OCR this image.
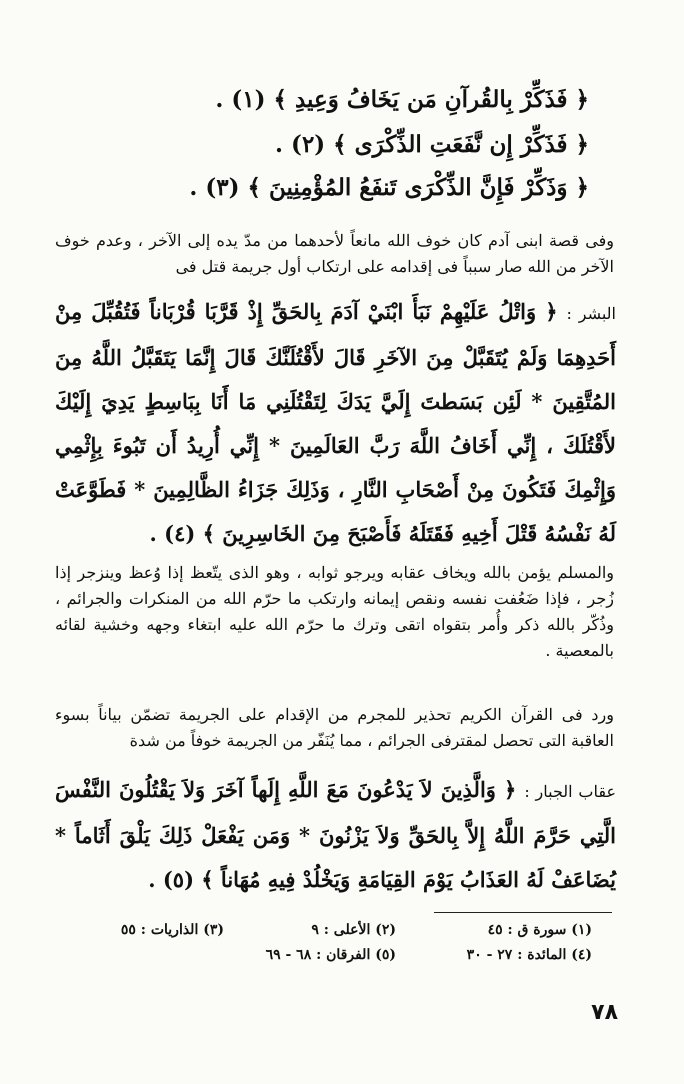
﴿ فَذَكِّرْ بِالقُرآنِ مَن يَخَافُ وَعِيدِ ﴾ (١) .
﴿ فَذَكِّرْ إِن نَّفَعَتِ الذِّكْرَى ﴾ (٢) .
﴿ وَذَكِّرْ فَإِنَّ الذِّكْرَى تَنفَعُ المُؤْمِنِينَ ﴾ (٣) .
وفى قصة ابنى آدم كان خوف الله مانعاً لأحدهما من مدّ يده إلى الآخر ، وعدم خوف الآخر من الله صار سبباً فى إقدامه على ارتكاب أول جريمة قتل فى
البشر : ﴿ وَاتْلُ عَلَيْهِمْ نَبَأَ ابْنَيْ آدَمَ بِالحَقِّ إِذْ قَرَّبَا قُرْبَاناً فَتُقُبِّلَ مِنْ أَحَدِهِمَا وَلَمْ يُتَقَبَّلْ مِنَ الآخَرِ قَالَ لأَقْتُلَنَّكَ قَالَ إِنَّمَا يَتَقَبَّلُ اللَّهُ مِنَ المُتَّقِينَ * لَئِن بَسَطتَ إِلَيَّ يَدَكَ لِتَقْتُلَنِي مَا أَنَا بِبَاسِطٍ يَدِيَ إِلَيْكَ لأَقْتُلَكَ ، إِنِّي أَخَافُ اللَّهَ رَبَّ العَالَمِينَ * إِنِّي أُرِيدُ أَن تَبُوءَ بِإِثْمِي وَإِثْمِكَ فَتَكُونَ مِنْ أَصْحَابِ النَّارِ ، وَذَلِكَ جَزَاءُ الظَّالِمِينَ * فَطَوَّعَتْ لَهُ نَفْسُهُ قَتْلَ أَخِيهِ فَقَتَلَهُ فَأَصْبَحَ مِنَ الخَاسِرِينَ ﴾ (٤) .
والمسلم يؤمن بالله ويخاف عقابه ويرجو ثوابه ، وهو الذى يتّعظ إذا وُعظ وينزجر إذا زُجر ، فإذا ضَعُفت نفسه ونقص إيمانه وارتكب ما حرّم الله من المنكرات والجرائم ، وذُكّر بالله ذكر وأُمر بتقواه اتقى وترك ما حرّم الله عليه ابتغاء وجهه وخشية لقائه بالمعصية .
ورد فى القرآن الكريم تحذير للمجرم من الإقدام على الجريمة تضمّن بياناً بسوء العاقبة التى تحصل لمقترفى الجرائم ، مما يُنَفّر من الجريمة خوفاً من شدة
عقاب الجبار : ﴿ وَالَّذِينَ لاَ يَدْعُونَ مَعَ اللَّهِ إِلَهاً آخَرَ وَلاَ يَقْتُلُونَ النَّفْسَ الَّتِي حَرَّمَ اللَّهُ إِلاَّ بِالحَقِّ وَلاَ يَزْنُونَ * وَمَن يَفْعَلْ ذَلِكَ يَلْقَ أَثَاماً * يُضَاعَفْ لَهُ العَذَابُ يَوْمَ القِيَامَةِ وَيَخْلُدْ فِيهِ مُهَاناً ﴾ (٥) .
(١) سورة ق : ٤٥
(٢) الأعلى : ٩
(٣) الذاريات : ٥٥
(٤) المائدة : ٢٧ - ٣٠
(٥) الفرقان : ٦٨ - ٦٩
٧٨
